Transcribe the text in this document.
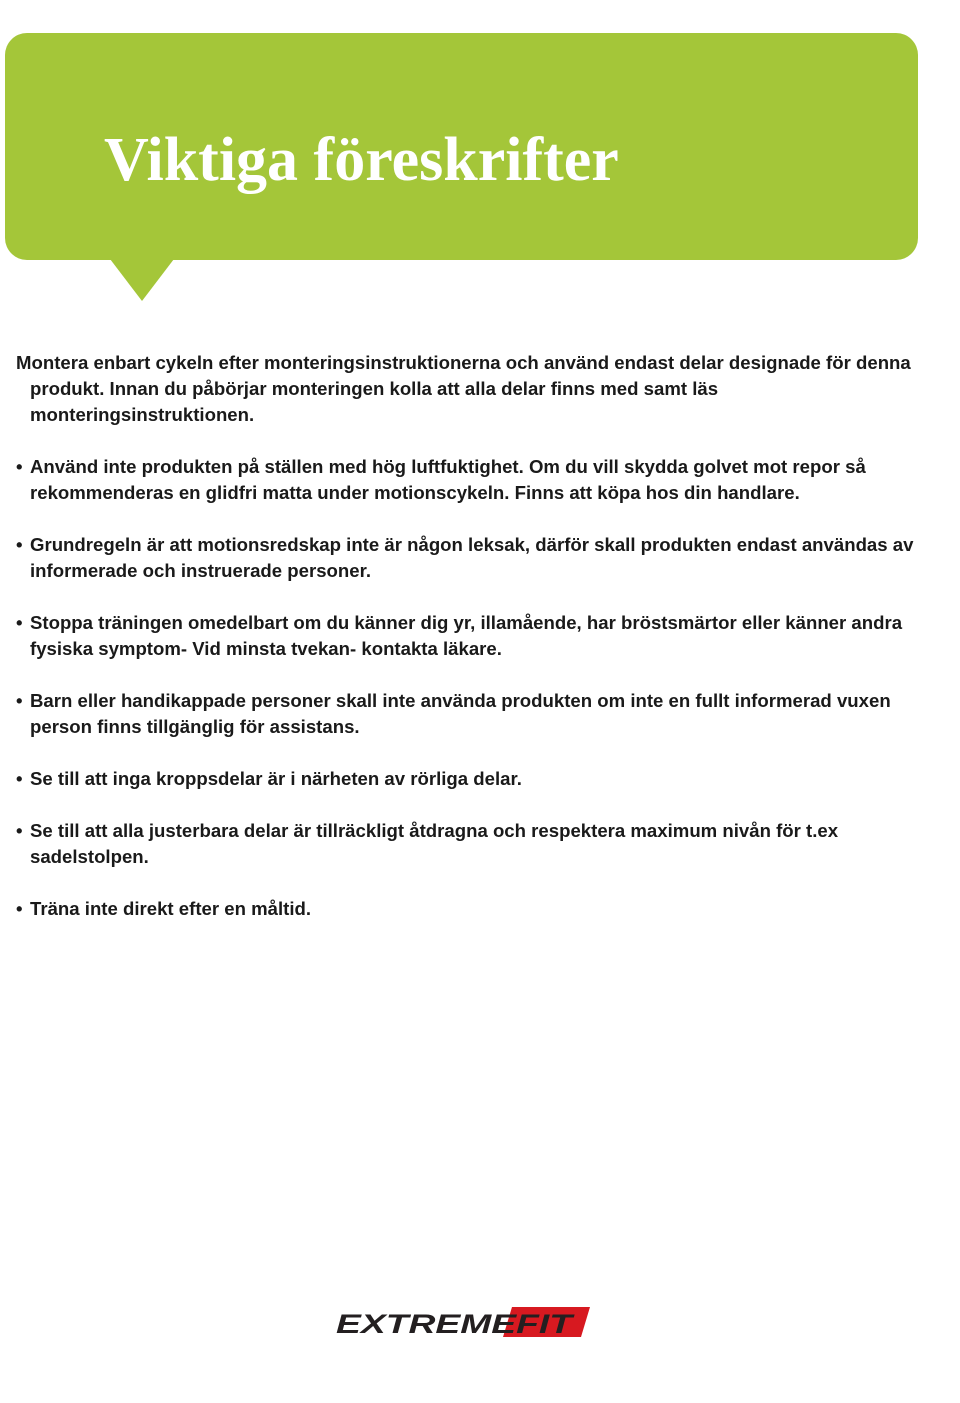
Viktiga föreskrifter

Montera enbart cykeln efter monteringsinstruktionerna och använd endast delar designade för denna produkt. Innan du påbörjar monteringen kolla att alla delar finns med samt läs monteringsinstruktionen.

• Använd inte produkten på ställen med hög luftfuktighet. Om du vill skydda golvet mot repor så rekommenderas en glidfri matta under motionscykeln. Finns att köpa hos din handlare.
• Grundregeln är att motionsredskap inte är någon leksak, därför skall produkten endast användas av informerade och instruerade personer.
• Stoppa träningen omedelbart om du känner dig yr, illamående, har bröstsmärtor eller känner andra fysiska symptom- Vid minsta tvekan- kontakta läkare.
• Barn eller handikappade personer skall inte använda produkten om inte en fullt informerad vuxen person finns tillgänglig för assistans.
• Se till att inga kroppsdelar är i närheten av rörliga delar.
• Se till att alla justerbara delar är tillräckligt åtdragna och respektera maximum nivån för t.ex sadelstolpen.
• Träna inte direkt efter en måltid.
EXTREMEFIT
